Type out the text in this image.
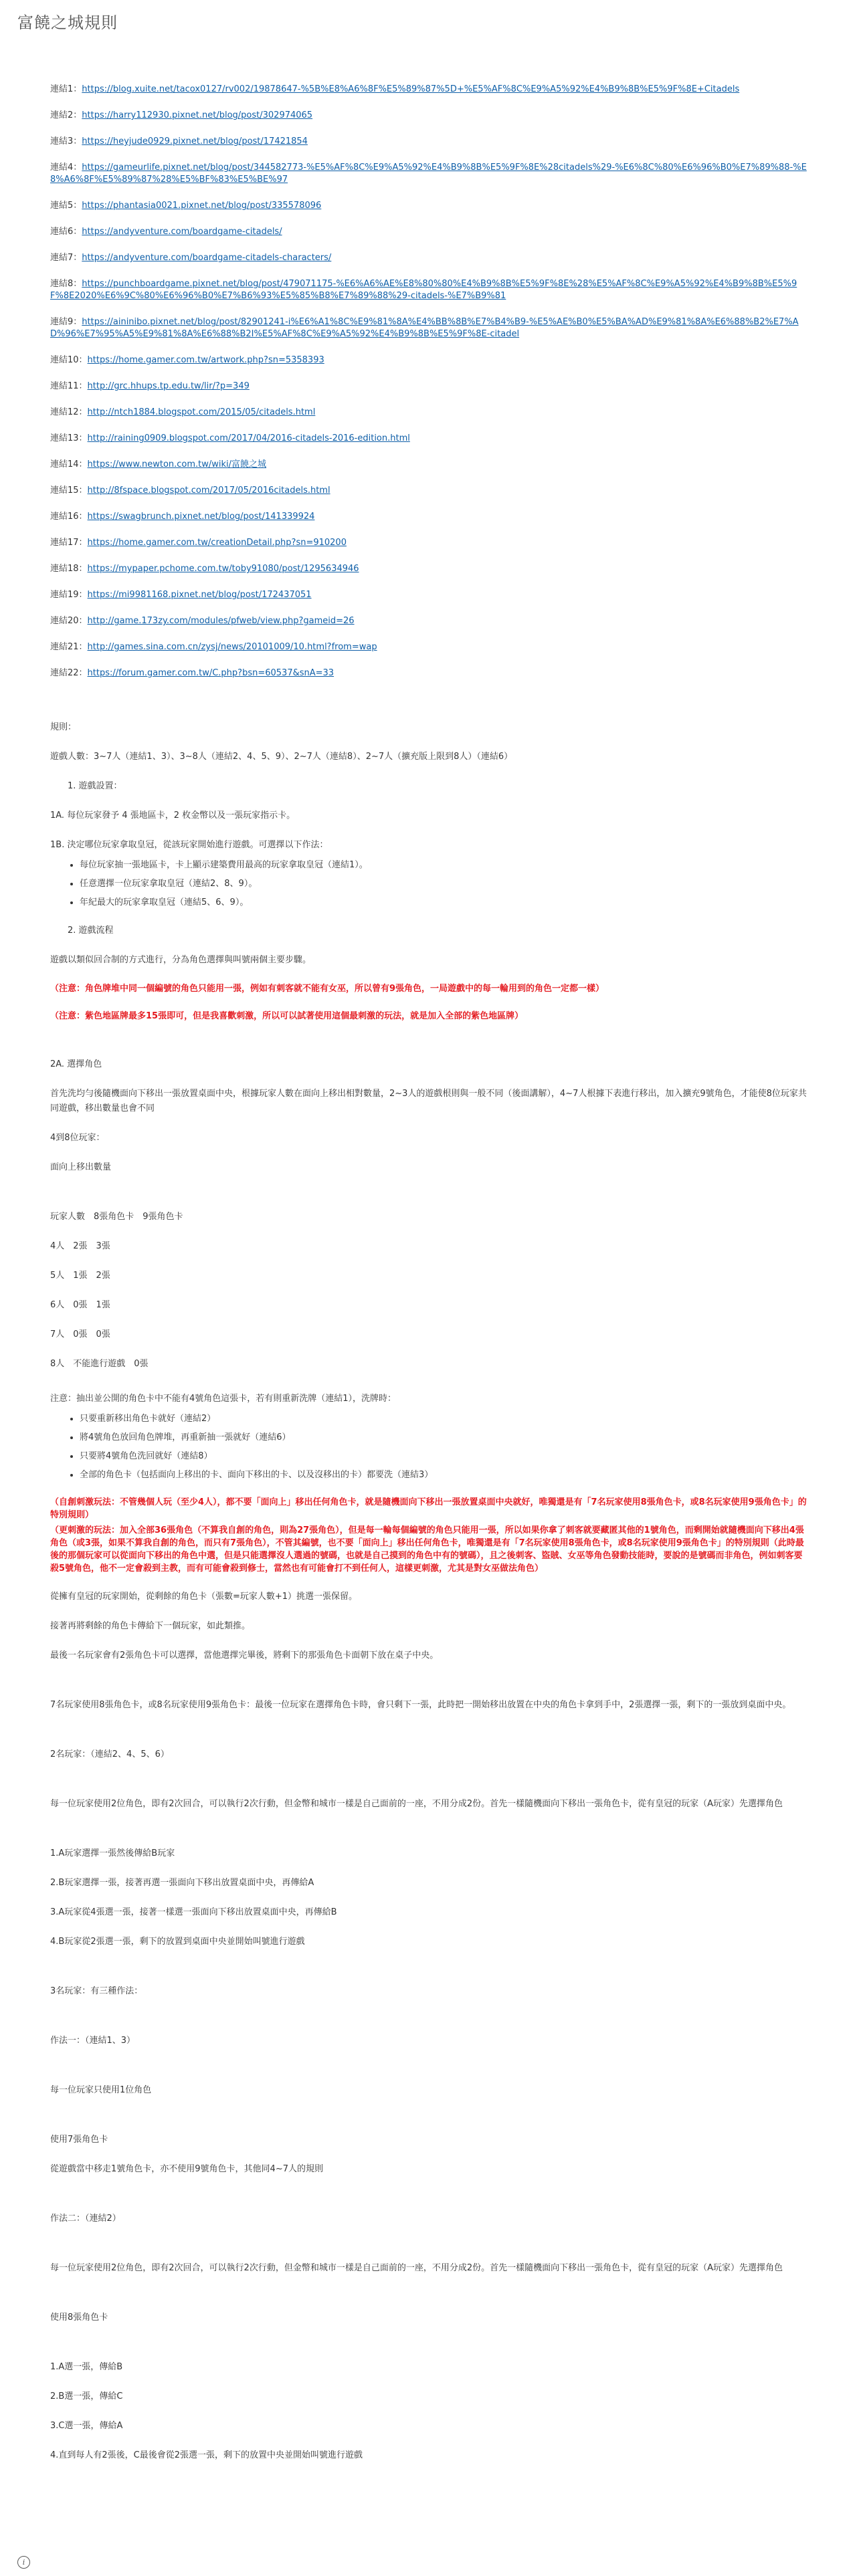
富饒之城規則

連結1：https://blog.xuite.net/tacox0127/rv002/19878647-%5B%E8%A6%8F%E5%89%87%5D+%E5%AF%8C%E9%A5%92%E4%B9%8B%E5%9F%8E+Citadels

連結2：https://harry112930.pixnet.net/blog/post/302974065

連結3：https://heyjude0929.pixnet.net/blog/post/17421854

連結4：https://gameurlife.pixnet.net/blog/post/344582773-%E5%AF%8C%E9%A5%92%E4%B9%8B%E5%9F%8E%28citadels%29-%E6%8C%80%E6%96%B0%E7%89%88-%E8%A6%8F%E5%89%87%28%E5%BF%83%E5%BE%97

連結5：https://phantasia0021.pixnet.net/blog/post/335578096

連結6：https://andyventure.com/boardgame-citadels/

連結7：https://andyventure.com/boardgame-citadels-characters/

連結8：https://punchboardgame.pixnet.net/blog/post/479071175-%E6%A6%AE%E8%80%80%E4%B9%8B%E5%9F%8E%28%E5%AF%8C%E9%A5%92%E4%B9%8B%E5%9F%8E2020%E6%9C%80%E6%96%B0%E7%B6%93%E5%85%B8%E7%89%88%29-citadels-%E7%B9%81

連結9：https://aininibo.pixnet.net/blog/post/82901241-i%E6%A1%8C%E9%81%8A%E4%BB%8B%E7%B4%B9-%E5%AE%B0%E5%BA%AD%E9%81%8A%E6%88%B2%E7%AD%96%E7%95%A5%E9%81%8A%E6%88%B2I%E5%AF%8C%E9%A5%92%E4%B9%8B%E5%9F%8E-citadel

連結10：https://home.gamer.com.tw/artwork.php?sn=5358393

連結11：http://grc.hhups.tp.edu.tw/lir/?p=349

連結12：http://ntch1884.blogspot.com/2015/05/citadels.html

連結13：http://raining0909.blogspot.com/2017/04/2016-citadels-2016-edition.html

連結14：https://www.newton.com.tw/wiki/富饒之城

連結15：http://8fspace.blogspot.com/2017/05/2016citadels.html

連結16：https://swagbrunch.pixnet.net/blog/post/141339924

連結17：https://home.gamer.com.tw/creationDetail.php?sn=910200

連結18：https://mypaper.pchome.com.tw/toby91080/post/1295634946

連結19：https://mi9981168.pixnet.net/blog/post/172437051

連結20：http://game.173zy.com/modules/pfweb/view.php?gameid=26

連結21：http://games.sina.com.cn/zysj/news/20101009/10.html?from=wap

連結22：https://forum.gamer.com.tw/C.php?bsn=60537&snA=33

規則：

遊戲人數：3~7人（連結1、3）、3~8人（連結2、4、5、9）、2~7人（連結8）、2~7人（擴充版上限到8人）（連結6）

1. 遊戲設置：

1A. 每位玩家發予 4 張地區卡，2 枚金幣以及一張玩家指示卡。

1B. 決定哪位玩家拿取皇冠，從該玩家開始進行遊戲。可選擇以下作法：

• 每位玩家抽一張地區卡，卡上顯示建築費用最高的玩家拿取皇冠（連結1）。
• 任意選擇一位玩家拿取皇冠（連結2、8、9）。
• 年紀最大的玩家拿取皇冠（連結5、6、9）。

2. 遊戲流程

遊戲以類似回合制的方式進行，分為角色選擇與叫號兩個主要步驟。

（注意：角色牌堆中同一個編號的角色只能用一張，例如有刺客就不能有女巫，所以曾有9張角色，一局遊戲中的每一輪用到的角色一定都一樣）

（注意：紫色地區牌最多15張即可，但是我喜歡刺激，所以可以試著使用這個最刺激的玩法，就是加入全部的紫色地區牌）

2A. 選擇角色

首先洗均勻後隨機面向下移出一張放置桌面中央，根據玩家人數在面向上移出相對數量，2~3人的遊戲根則與一般不同（後面講解），4~7人根據下表進行移出，加入擴充9號角色，才能使8位玩家共同遊戲，移出數量也會不同

4到8位玩家：

面向上移出數量

玩家人數　8張角色卡　9張角色卡

4人　2張　3張

5人　1張　2張

6人　0張　1張

7人　0張　0張

8人　不能進行遊戲　0張

注意：抽出並公開的角色卡中不能有4號角色這張卡，若有則重新洗牌（連結1），洗牌時：

• 只要重新移出角色卡就好（連結2）
• 將4號角色放回角色牌堆，再重新抽一張就好（連結6）
• 只要將4號角色洗回就好（連結8）
• 全部的角色卡（包括面向上移出的卡、面向下移出的卡、以及沒移出的卡）都要洗（連結3）

（自創刺激玩法：不管幾個人玩（至少4人），都不要「面向上」移出任何角色卡，就是隨機面向下移出一張放置桌面中央就好，唯獨還是有「7名玩家使用8張角色卡，或8名玩家使用9張角色卡」的特別規則）

（更刺激的玩法：加入全部36張角色（不算我自創的角色，則為27張角色），但是每一輪每個編號的角色只能用一張，所以如果你拿了刺客就要藏匿其他的1號角色，而剩開始就隨機面向下移出4張角色（或3張，如果不算我自創的角色，而只有7張角色），不管其編號，也不要「面向上」移出任何角色卡，唯獨還是有「7名玩家使用8張角色卡，或8名玩家使用9張角色卡」的特別規則（此時最後的那個玩家可以從面向下移出的角色中選，但是只能選擇沒人選過的號碼，也就是自己摸到的角色中有的號碼），且之後刺客、盜賊、女巫等角色發動技能時，要說的是號碼而非角色，例如刺客要殺5號角色，他不一定會殺到主教，而有可能會殺到修士，當然也有可能會打不到任何人，這樣更刺激，尤其是對女巫做法角色）

從擁有皇冠的玩家開始，從剩餘的角色卡（張數=玩家人數+1）挑選一張保留。

接著再將剩餘的角色卡傳給下一個玩家，如此類推。

最後一名玩家會有2張角色卡可以選擇，當他選擇完畢後，將剩下的那張角色卡面朝下放在桌子中央。

7名玩家使用8張角色卡，或8名玩家使用9張角色卡：最後一位玩家在選擇角色卡時，會只剩下一張，此時把一開始移出放置在中央的角色卡拿到手中，2張選擇一張，剩下的一張放到桌面中央。

2名玩家：（連結2、4、5、6）

每一位玩家使用2位角色，即有2次回合，可以執行2次行動，但金幣和城市一樣是自己面前的一座，不用分成2份。首先一樣隨機面向下移出一張角色卡，從有皇冠的玩家（A玩家）先選擇角色

1.A玩家選擇一張然後傳給B玩家

2.B玩家選擇一張，接著再選一張面向下移出放置桌面中央，再傳給A

3.A玩家從4張選一張，接著一樣選一張面向下移出放置桌面中央，再傳給B

4.B玩家從2張選一張，剩下的放置到桌面中央並開始叫號進行遊戲

3名玩家：有三種作法：

作法一：（連結1、3）

每一位玩家只使用1位角色

使用7張角色卡

從遊戲當中移走1號角色卡，亦不使用9號角色卡，其他同4~7人的規則

作法二：（連結2）

每一位玩家使用2位角色，即有2次回合，可以執行2次行動，但金幣和城市一樣是自己面前的一座，不用分成2份。首先一樣隨機面向下移出一張角色卡，從有皇冠的玩家（A玩家）先選擇角色

使用8張角色卡

1.A選一張，傳給B

2.B選一張，傳給C

3.C選一張，傳給A

4.直到每人有2張後，C最後會從2張選一張，剩下的放置中央並開始叫號進行遊戲

i
